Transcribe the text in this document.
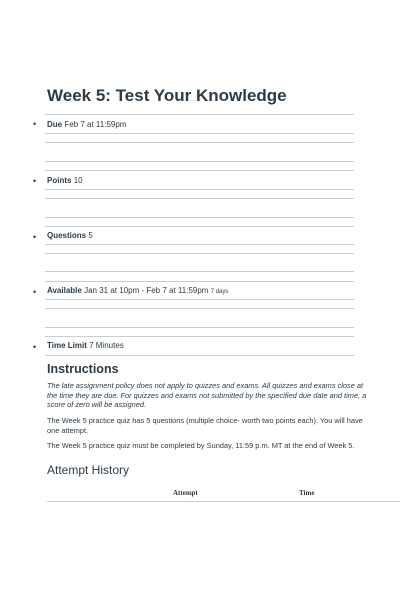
Week 5: Test Your Knowledge
•
Due Feb 7 at 11:59pm
•
Points 10
•
Questions 5
•
Available Jan 31 at 10pm - Feb 7 at 11:59pm 7 days
•
Time Limit 7 Minutes
Instructions

The late assignment policy does not apply to quizzes and exams. All quizzes and exams close at the time they are due. For quizzes and exams not submitted by the specified due date and time, a score of zero will be assigned.

The Week 5 practice quiz has 5 questions (multiple choice- worth two points each). You will have one attempt.

The Week 5 practice quiz must be completed by Sunday, 11:59 p.m. MT at the end of Week 5.

Attempt History
Attempt	Time
